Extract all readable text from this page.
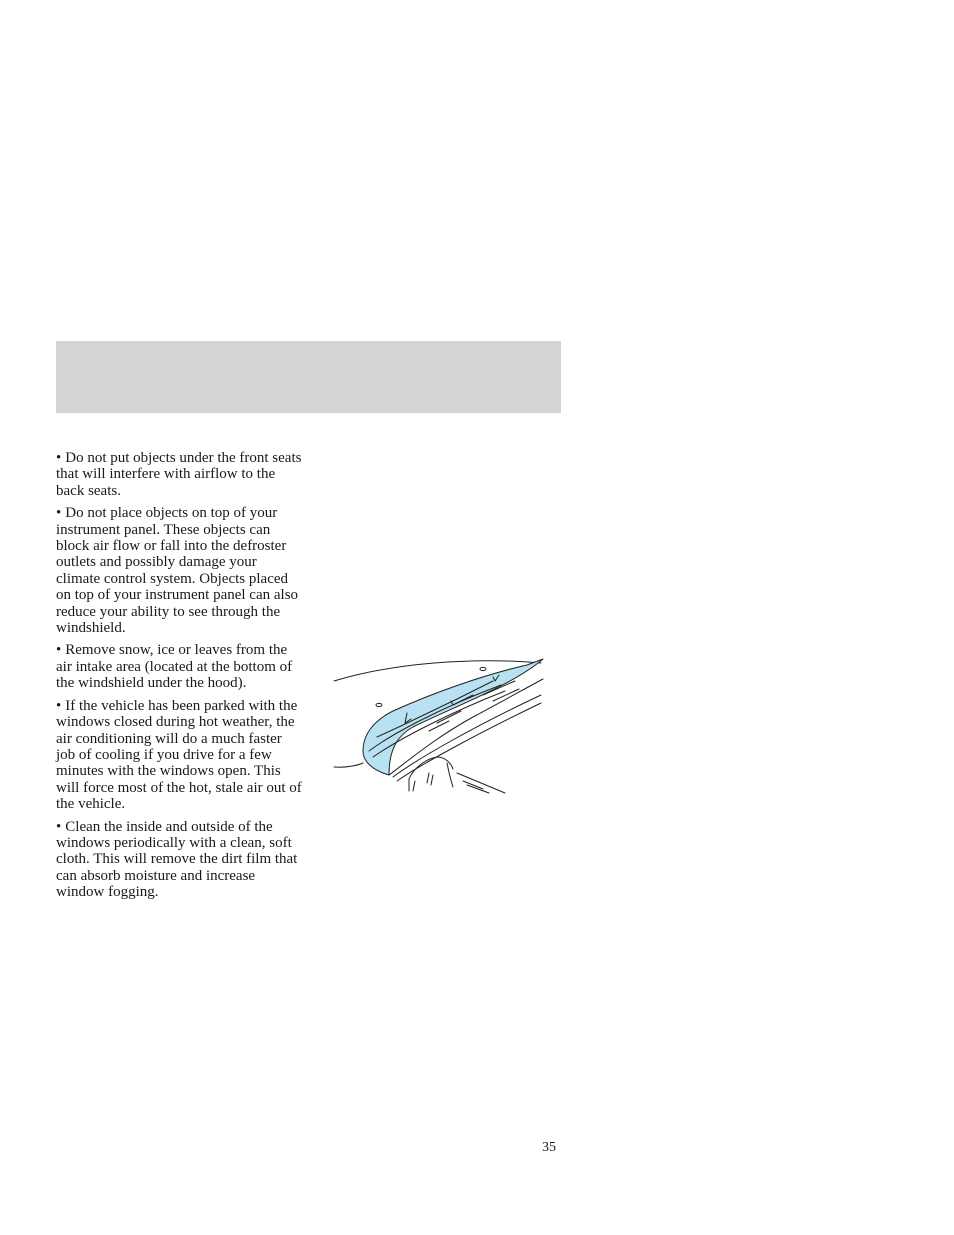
• Do not put objects under the front seats that will interfere with airflow to the back seats.

• Do not place objects on top of your instrument panel. These objects can block air flow or fall into the defroster outlets and possibly damage your climate control system. Objects placed on top of your instrument panel can also reduce your ability to see through the windshield.

• Remove snow, ice or leaves from the air intake area (located at the bottom of the windshield under the hood).

• If the vehicle has been parked with the windows closed during hot weather, the air conditioning will do a much faster job of cooling if you drive for a few minutes with the windows open. This will force most of the hot, stale air out of the vehicle.

• Clean the inside and outside of the windows periodically with a clean, soft cloth. This will remove the dirt film that can absorb moisture and increase window fogging.

35
